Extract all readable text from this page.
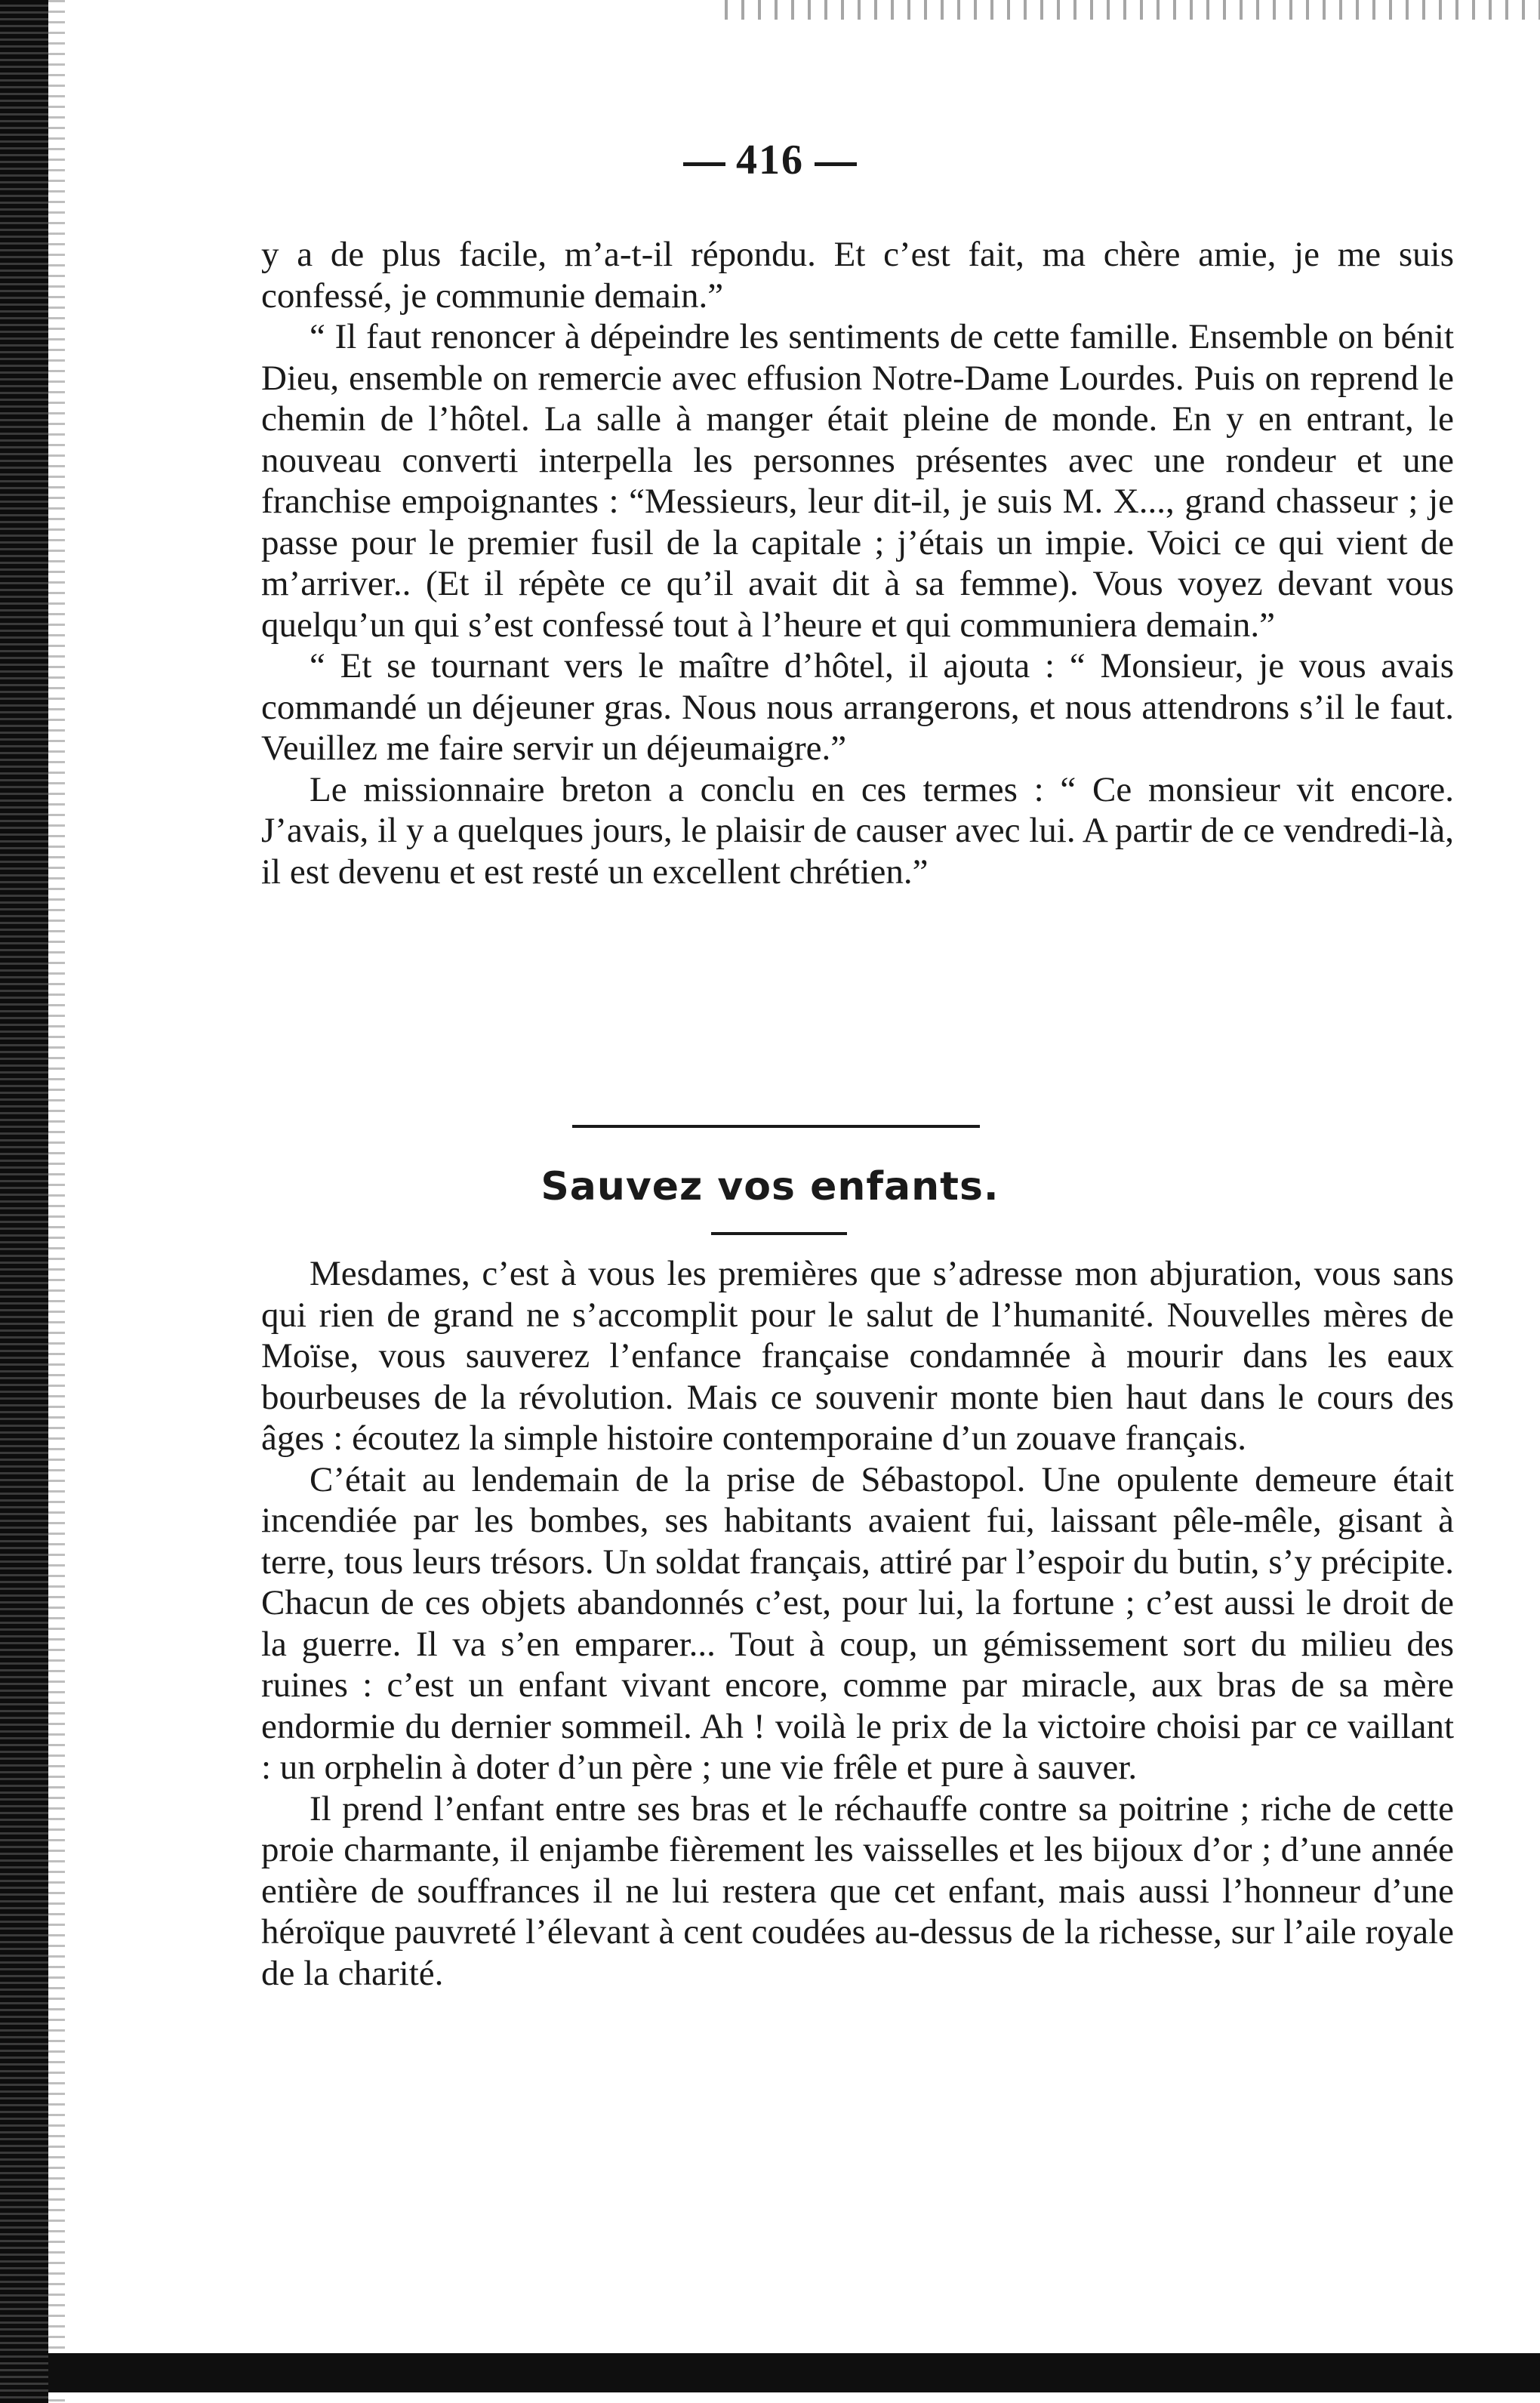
416

y a de plus facile, m’a-t-il répondu. Et c’est fait, ma chère amie, je me suis confessé, je communie demain.”

“ Il faut renoncer à dépeindre les sentiments de cette famille. Ensemble on bénit Dieu, ensemble on remercie avec effusion Notre-Dame Lourdes. Puis on reprend le chemin de l’hôtel. La salle à manger était pleine de monde. En y en entrant, le nouveau converti interpella les personnes présentes avec une rondeur et une franchise empoignantes : “Messieurs, leur dit-il, je suis M. X..., grand chasseur ; je passe pour le premier fusil de la capitale ; j’étais un impie. Voici ce qui vient de m’arriver.. (Et il répète ce qu’il avait dit à sa femme). Vous voyez devant vous quelqu’un qui s’est confessé tout à l’heure et qui communiera demain.”

“ Et se tournant vers le maître d’hôtel, il ajouta : “ Monsieur, je vous avais commandé un déjeuner gras. Nous nous arrangerons, et nous attendrons s’il le faut. Veuillez me faire servir un déjeumaigre.”

Le missionnaire breton a conclu en ces termes : “ Ce monsieur vit encore. J’avais, il y a quelques jours, le plaisir de causer avec lui. A partir de ce vendredi-là, il est devenu et est resté un excellent chrétien.”

Sauvez vos enfants.

Mesdames, c’est à vous les premières que s’adresse mon abjuration, vous sans qui rien de grand ne s’accomplit pour le salut de l’humanité. Nouvelles mères de Moïse, vous sauverez l’enfance française condamnée à mourir dans les eaux bourbeuses de la révolution. Mais ce souvenir monte bien haut dans le cours des âges : écoutez la simple histoire contemporaine d’un zouave français.

C’était au lendemain de la prise de Sébastopol. Une opulente demeure était incendiée par les bombes, ses habitants avaient fui, laissant pêle-mêle, gisant à terre, tous leurs trésors. Un soldat français, attiré par l’espoir du butin, s’y précipite. Chacun de ces objets abandonnés c’est, pour lui, la fortune ; c’est aussi le droit de la guerre. Il va s’en emparer... Tout à coup, un gémissement sort du milieu des ruines : c’est un enfant vivant encore, comme par miracle, aux bras de sa mère endormie du dernier sommeil. Ah ! voilà le prix de la victoire choisi par ce vaillant : un orphelin à doter d’un père ; une vie frêle et pure à sauver.

Il prend l’enfant entre ses bras et le réchauffe contre sa poitrine ; riche de cette proie charmante, il enjambe fièrement les vaisselles et les bijoux d’or ; d’une année entière de souffrances il ne lui restera que cet enfant, mais aussi l’honneur d’une héroïque pauvreté l’élevant à cent coudées au-dessus de la richesse, sur l’aile royale de la charité.
